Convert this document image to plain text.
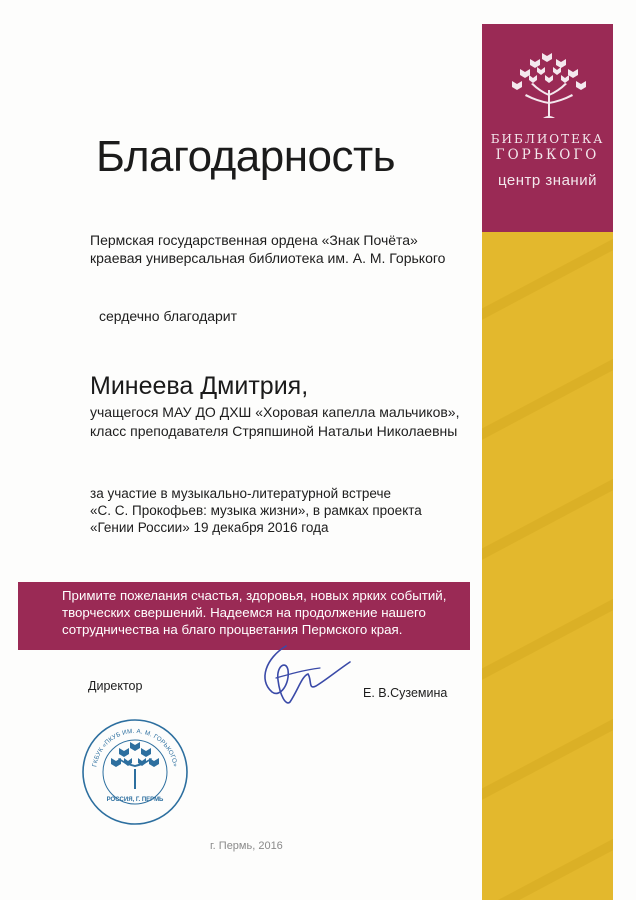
БИБЛИОТЕКА
ГОРЬКОГО
центр знаний
Благодарность
Пермская государственная ордена «Знак Почёта»
краевая универсальная библиотека им. А. М. Горького
сердечно благодарит
Минеева Дмитрия,
учащегося МАУ ДО ДХШ «Хоровая капелла мальчиков»,
класс преподавателя Стряпшиной Натальи Николаевны
за участие в музыкально-литературной встрече
«С. С. Прокофьев: музыка жизни», в рамках проекта
«Гении России» 19 декабря 2016 года
Примите пожелания счастья, здоровья, новых ярких событий,
творческих свершений. Надеемся на продолжение нашего
сотрудничества на благо процветания Пермского края.
Директор	Е. В.Суземина
ГКБУК «ПКУБ ИМ. А. М. ГОРЬКОГО»
РОССИЯ, Г. ПЕРМЬ
г. Пермь, 2016
